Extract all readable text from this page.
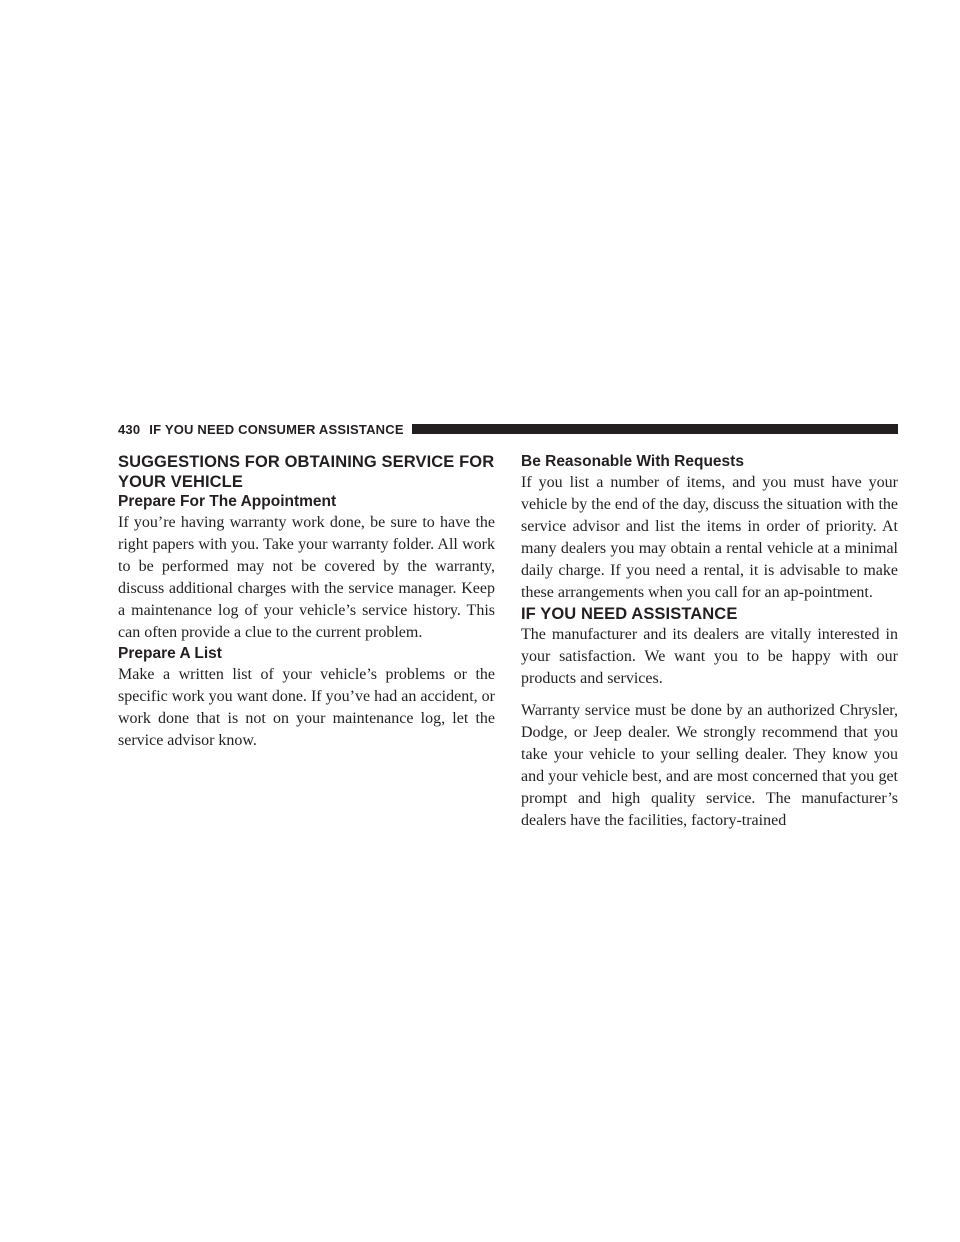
430 IF YOU NEED CONSUMER ASSISTANCE
SUGGESTIONS FOR OBTAINING SERVICE FOR YOUR VEHICLE
Prepare For The Appointment

If you’re having warranty work done, be sure to have the right papers with you. Take your warranty folder. All work to be performed may not be covered by the warranty, discuss additional charges with the service manager. Keep a maintenance log of your vehicle’s service history. This can often provide a clue to the current problem.

Prepare A List

Make a written list of your vehicle’s problems or the specific work you want done. If you’ve had an accident, or work done that is not on your maintenance log, let the service advisor know.

Be Reasonable With Requests

If you list a number of items, and you must have your vehicle by the end of the day, discuss the situation with the service advisor and list the items in order of priority. At many dealers you may obtain a rental vehicle at a minimal daily charge. If you need a rental, it is advisable to make these arrangements when you call for an ap-pointment.

IF YOU NEED ASSISTANCE

The manufacturer and its dealers are vitally interested in your satisfaction. We want you to be happy with our products and services.

Warranty service must be done by an authorized Chrysler, Dodge, or Jeep dealer. We strongly recommend that you take your vehicle to your selling dealer. They know you and your vehicle best, and are most concerned that you get prompt and high quality service. The manufacturer’s dealers have the facilities, factory-trained
